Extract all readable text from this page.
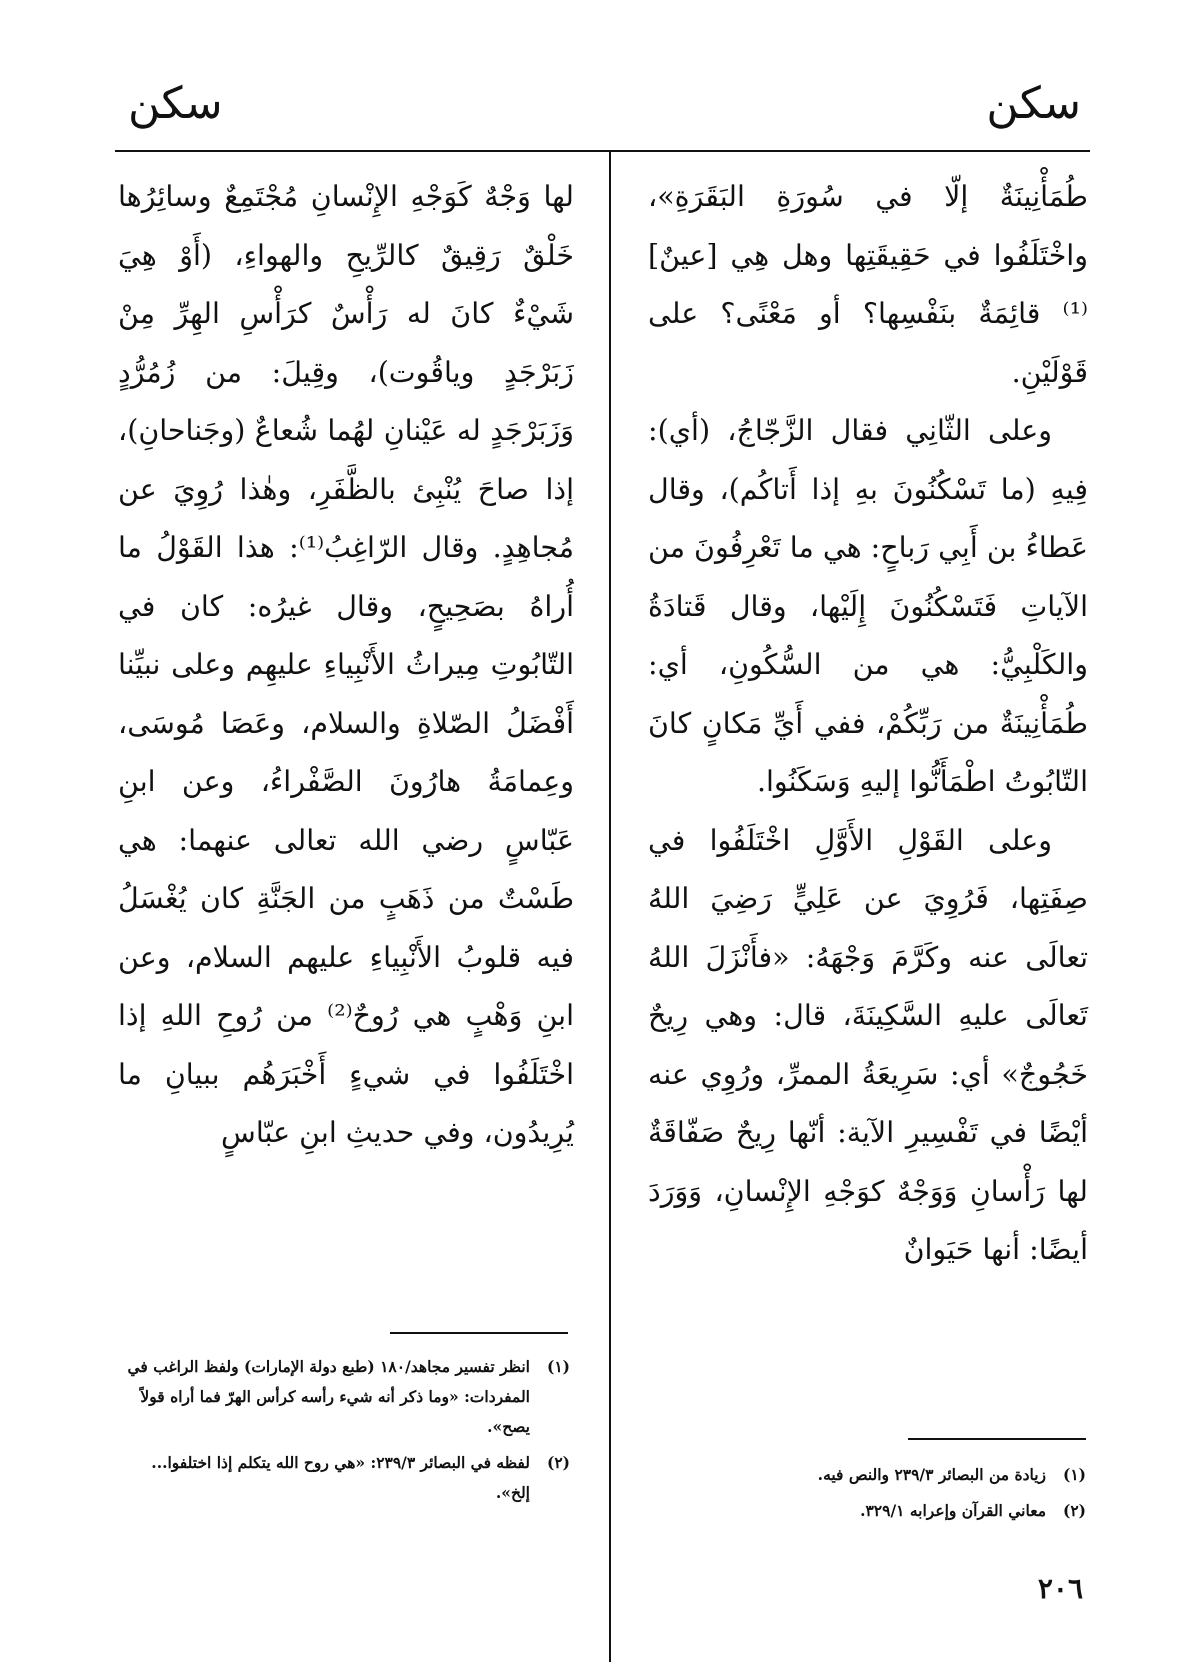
سكن
سكن

طُمَأْنِينَةٌ إلّا في سُورَةِ البَقَرَةِ»، واخْتَلَفُوا في حَقِيقَتِها وهل هِي [عينٌ]⁽¹⁾ قائِمَةٌ بنَفْسِها؟ أو مَعْنًى؟ على قَوْلَيْنِ.

وعلى الثّانِي فقال الزَّجّاجُ، (أي): فِيهِ (ما تَسْكُنُونَ بهِ إذا أَتاكُم)، وقال عَطاءُ بن أَبِي رَباحٍ: هي ما تَعْرِفُونَ من الآياتِ فَتَسْكُنُونَ إِلَيْها، وقال قَتادَةُ والكَلْبِيُّ: هي من السُّكُونِ، أي: طُمَأْنِينَةٌ من رَبِّكُمْ، ففي أَيِّ مَكانٍ كانَ التّابُوتُ اطْمَأَنُّوا إليهِ وَسَكَنُوا.

وعلى القَوْلِ الأَوَّلِ اخْتَلَفُوا في صِفَتِها، فَرُوِيَ عن عَلِيٍّ رَضِيَ اللهُ تعالَى عنه وكَرَّمَ وَجْهَهُ: «فأَنْزَلَ اللهُ تَعالَى عليهِ السَّكِينَةَ، قال: وهي رِيحٌ خَجُوجٌ» أي: سَرِيعَةُ الممرِّ، ورُوِي عنه أيْضًا في تَفْسِيرِ الآية: أنّها رِيحٌ صَفّاقَةٌ لها رَأْسانِ وَوَجْهٌ كوَجْهِ الإِنْسانِ، وَوَرَدَ أيضًا: أنها حَيَوانٌ

لها وَجْهٌ كَوَجْهِ الإِنْسانِ مُجْتَمِعٌ وسائِرُها خَلْقٌ رَقِيقٌ كالرِّيحِ والهواءِ، (أَوْ هِيَ شَيْءٌ كانَ له رَأْسٌ كرَأْسِ الهِرِّ مِنْ زَبَرْجَدٍ وياقُوت)، وقِيلَ: من زُمُرُّدٍ وَزَبَرْجَدٍ له عَيْنانِ لهُما شُعاعٌ (وجَناحانِ)، إذا صاحَ يُنْبِئ بالظَّفَرِ، وهٰذا رُوِيَ عن مُجاهِدٍ. وقال الرّاغِبُ⁽¹⁾: هذا القَوْلُ ما أُراهُ بصَحِيحٍ، وقال غيرُه: كان في التّابُوتِ مِيراثُ الأَنْبِياءِ عليهِم وعلى نبيِّنا أَفْضَلُ الصّلاةِ والسلام، وعَصَا مُوسَى، وعِمامَةُ هارُونَ الصَّفْراءُ، وعن ابنِ عَبّاسٍ رضي الله تعالى عنهما: هي طَسْتٌ من ذَهَبٍ من الجَنَّةِ كان يُغْسَلُ فيه قلوبُ الأَنْبِياءِ عليهم السلام، وعن ابنِ وَهْبٍ هي رُوحٌ⁽²⁾ من رُوحِ اللهِ إذا اخْتَلَفُوا في شيءٍ أَخْبَرَهُم ببيانِ ما يُرِيدُون، وفي حديثِ ابنِ عبّاسٍ

(١)
زيادة من البصائر ٢٣٩/٣ والنص فيه.
(٢)
معاني القرآن وإعرابه ٣٢٩/١.
(١)
انظر تفسير مجاهد/١٨٠ (طبع دولة الإمارات) ولفظ الراغب في المفردات: «وما ذكر أنه شيء رأسه كرأس الهرّ فما أراه قولاً يصح».
(٢)
لفظه في البصائر ٢٣٩/٣: «هي روح الله يتكلم إذا اختلفوا... إلخ».
٢٠٦
